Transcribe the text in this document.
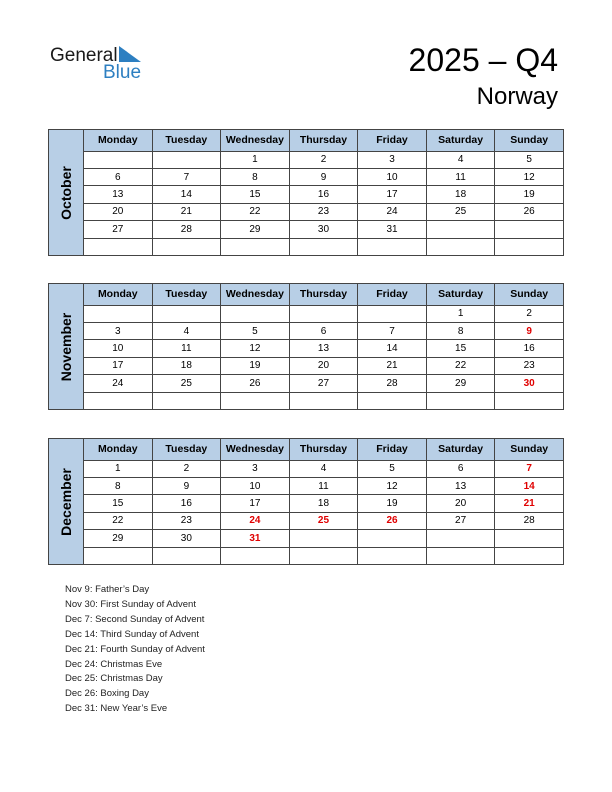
General
Blue	2025 – Q4
Norway
October
Monday	Tuesday	Wednesday	Thursday	Friday	Saturday	Sunday
		1	2	3	4	5
6	7	8	9	10	11	12
13	14	15	16	17	18	19
20	21	22	23	24	25	26
27	28	29	30	31		

November
Monday	Tuesday	Wednesday	Thursday	Friday	Saturday	Sunday
					1	2
3	4	5	6	7	8	9
10	11	12	13	14	15	16
17	18	19	20	21	22	23
24	25	26	27	28	29	30

December
Monday	Tuesday	Wednesday	Thursday	Friday	Saturday	Sunday
1	2	3	4	5	6	7
8	9	10	11	12	13	14
15	16	17	18	19	20	21
22	23	24	25	26	27	28
29	30	31				

Nov 9: Father’s Day
Nov 30: First Sunday of Advent
Dec 7: Second Sunday of Advent
Dec 14: Third Sunday of Advent
Dec 21: Fourth Sunday of Advent
Dec 24: Christmas Eve
Dec 25: Christmas Day
Dec 26: Boxing Day
Dec 31: New Year’s Eve
